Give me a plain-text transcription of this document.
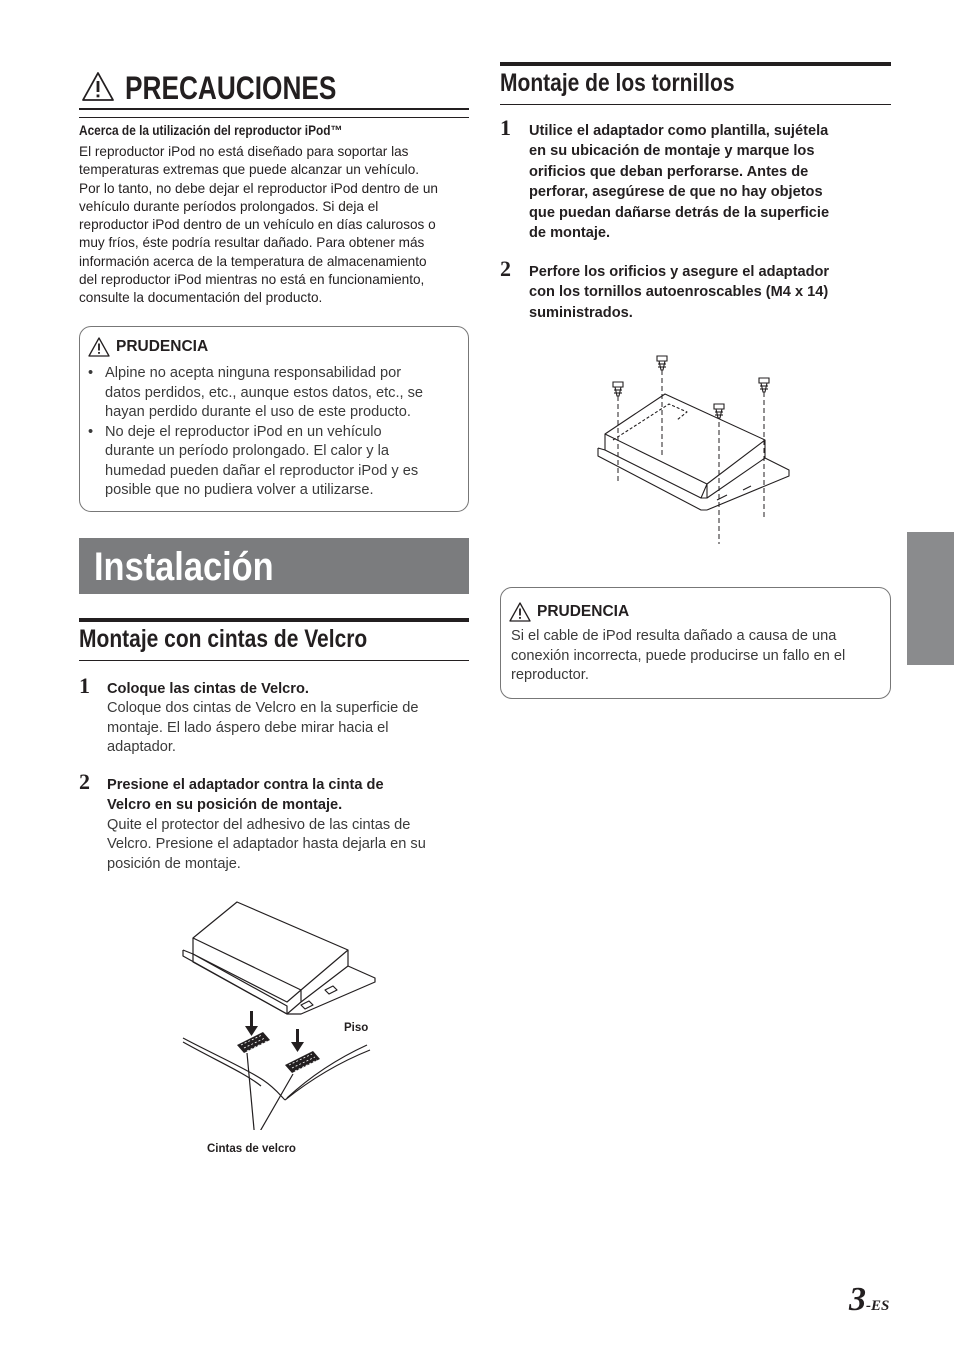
PRECAUCIONES
Acerca de la utilización del reproductor iPod™
El reproductor iPod no está diseñado para soportar las
temperaturas extremas que puede alcanzar un vehículo.
Por lo tanto, no debe dejar el reproductor iPod dentro de un
vehículo durante períodos prolongados. Si deja el
reproductor iPod dentro de un vehículo en días calurosos o
muy fríos, éste podría resultar dañado. Para obtener más
información acerca de la temperatura de almacenamiento
del reproductor iPod mientras no está en funcionamiento,
consulte la documentación del producto.
PRUDENCIA
• Alpine no acepta ninguna responsabilidad por
datos perdidos, etc., aunque estos datos, etc., se
hayan perdido durante el uso de este producto.
• No deje el reproductor iPod en un vehículo
durante un período prolongado. El calor y la
humedad pueden dañar el reproductor iPod y es
posible que no pudiera volver a utilizarse.
Instalación
Montaje con cintas de Velcro
1 Coloque las cintas de Velcro.
Coloque dos cintas de Velcro en la superficie de
montaje. El lado áspero debe mirar hacia el
adaptador.
2 Presione el adaptador contra la cinta de
Velcro en su posición de montaje.
Quite el protector del adhesivo de las cintas de
Velcro. Presione el adaptador hasta dejarla en su
posición de montaje.
Piso
Cintas de velcro
Montaje de los tornillos
1 Utilice el adaptador como plantilla, sujétela
en su ubicación de montaje y marque los
orificios que deban perforarse. Antes de
perforar, asegúrese de que no hay objetos
que puedan dañarse detrás de la superficie
de montaje.
2 Perfore los orificios y asegure el adaptador
con los tornillos autoenroscables (M4 x 14)
suministrados.
PRUDENCIA
Si el cable de iPod resulta dañado a causa de una
conexión incorrecta, puede producirse un fallo en el
reproductor.
3-ES
